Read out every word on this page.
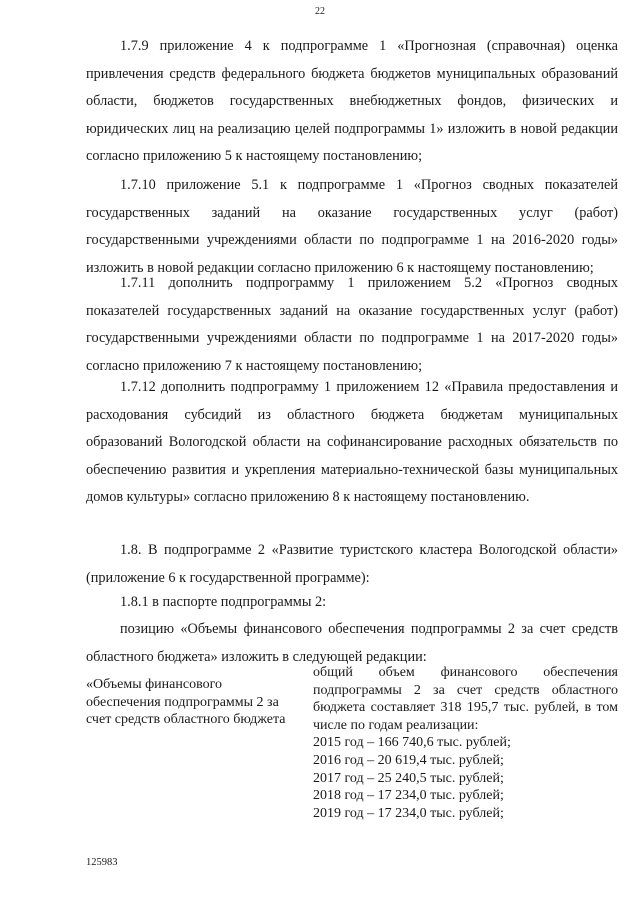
22
1.7.9 приложение 4 к подпрограмме 1 «Прогнозная (справочная) оценка привлечения средств федерального бюджета бюджетов муниципальных образований области, бюджетов государственных внебюджетных фондов, физических и юридических лиц на реализацию целей подпрограммы 1» изложить в новой редакции согласно приложению 5 к настоящему постановлению;
1.7.10 приложение 5.1 к подпрограмме 1 «Прогноз сводных показателей государственных заданий на оказание государственных услуг (работ) государственными учреждениями области по подпрограмме 1 на 2016-2020 годы» изложить в новой редакции согласно приложению 6 к настоящему постановлению;
1.7.11 дополнить подпрограмму 1 приложением 5.2 «Прогноз сводных показателей государственных заданий на оказание государственных услуг (работ) государственными учреждениями области по подпрограмме 1 на 2017-2020 годы» согласно приложению 7 к настоящему постановлению;
1.7.12 дополнить подпрограмму 1 приложением 12 «Правила предоставления и расходования субсидий из областного бюджета бюджетам муниципальных образований Вологодской области на софинансирование расходных обязательств по обеспечению развития и укрепления материально-технической базы муниципальных домов культуры» согласно приложению 8 к настоящему постановлению.
1.8. В подпрограмме 2 «Развитие туристского кластера Вологодской области» (приложение 6 к государственной программе):
1.8.1 в паспорте подпрограммы 2:
позицию «Объемы финансового обеспечения подпрограммы 2 за счет средств областного бюджета» изложить в следующей редакции:
«Объемы финансового обеспечения подпрограммы 2 за счет средств областного бюджета
общий объем финансового обеспечения подпрограммы 2 за счет средств областного бюджета составляет 318 195,7 тыс. рублей, в том числе по годам реализации:
2015 год – 166 740,6 тыс. рублей;
2016 год – 20 619,4 тыс. рублей;
2017 год – 25 240,5 тыс. рублей;
2018 год – 17 234,0 тыс. рублей;
2019 год – 17 234,0 тыс. рублей;
125983
